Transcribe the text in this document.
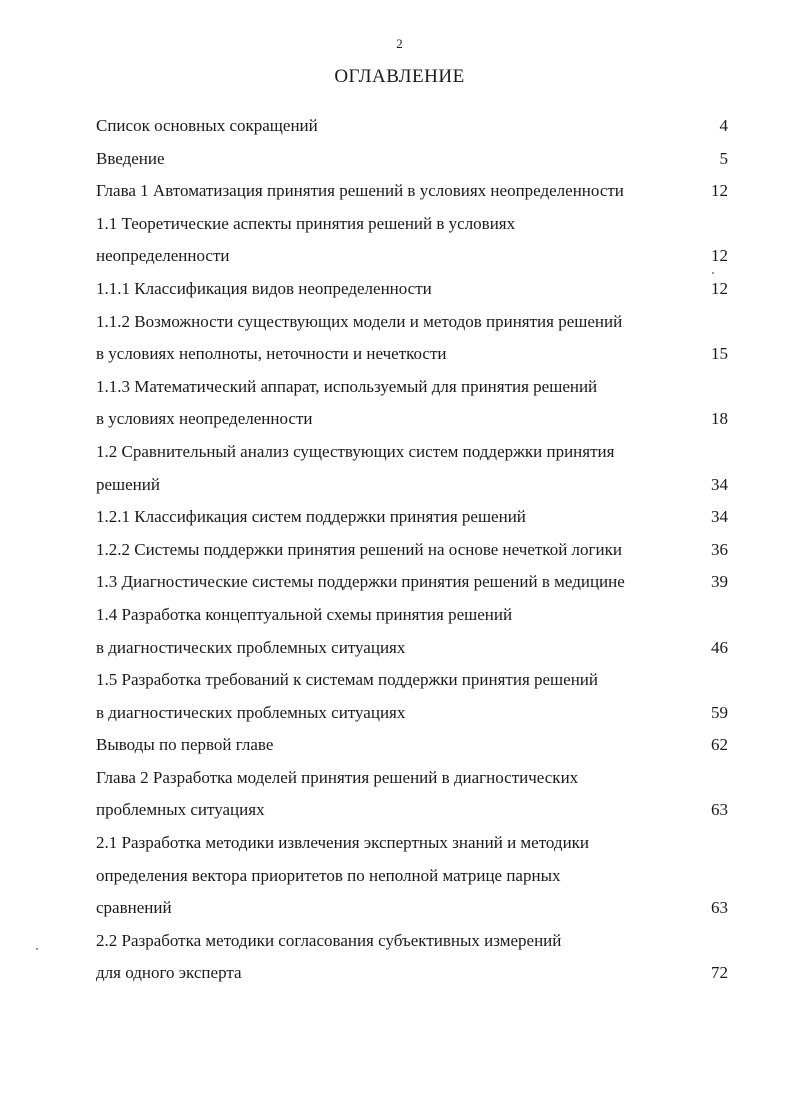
2
ОГЛАВЛЕНИЕ
Список основных сокращений	4
Введение	5
Глава 1 Автоматизация принятия решений в условиях неопределенности	12
1.1 Теоретические аспекты принятия решений в условиях
неопределенности	12
1.1.1 Классификация видов неопределенности	12
1.1.2 Возможности существующих модели и методов принятия решений
в условиях неполноты, неточности и нечеткости	15
1.1.3 Математический аппарат, используемый для принятия решений
в условиях неопределенности	18
1.2 Сравнительный анализ существующих систем поддержки принятия
решений	34
1.2.1 Классификация систем поддержки принятия решений	34
1.2.2 Системы поддержки принятия решений на основе нечеткой логики	36
1.3 Диагностические системы поддержки принятия решений в медицине	39
1.4 Разработка концептуальной схемы принятия решений
в диагностических проблемных ситуациях	46
1.5 Разработка требований к системам поддержки принятия решений
в диагностических проблемных ситуациях	59
Выводы по первой главе	62
Глава 2 Разработка моделей принятия решений в диагностических
проблемных ситуациях	63
2.1 Разработка методики извлечения экспертных знаний и методики
определения вектора приоритетов по неполной матрице парных
сравнений	63
2.2 Разработка методики согласования субъективных измерений
для одного эксперта	72
